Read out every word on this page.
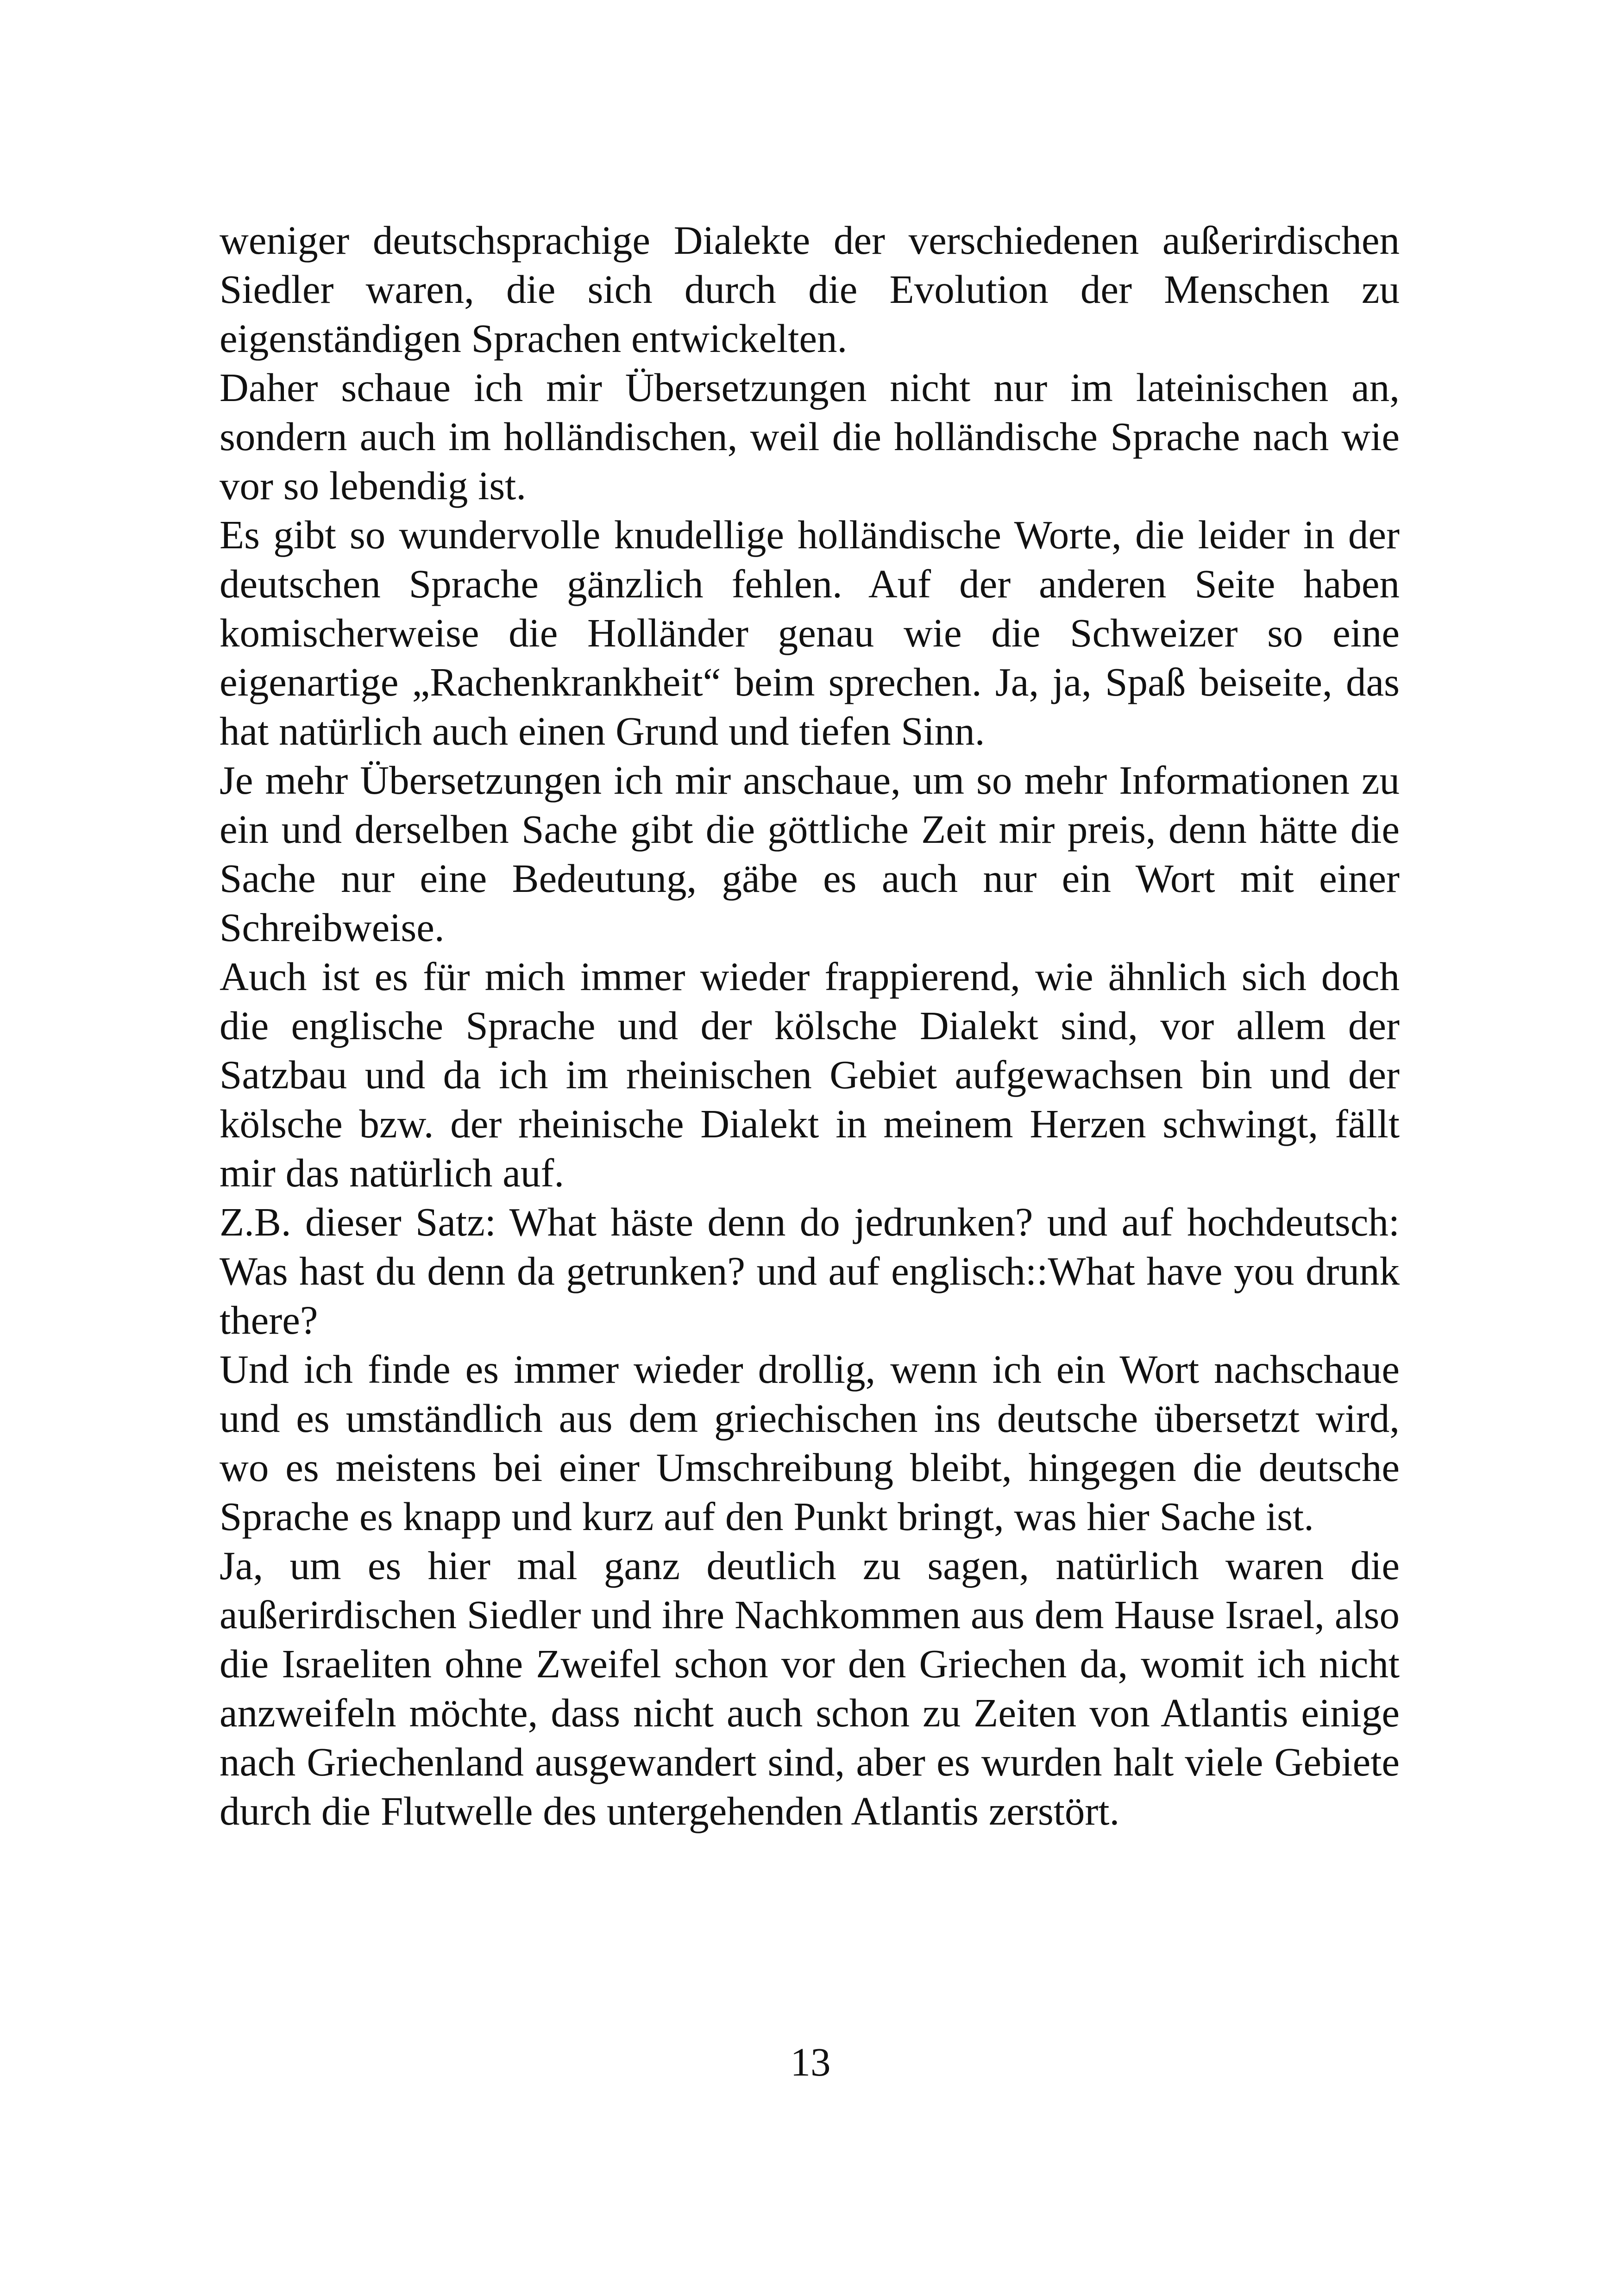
weniger deutschsprachige Dialekte der verschiedenen außerirdischen Siedler waren, die sich durch die Evolution der Menschen zu eigenständigen Sprachen entwickelten.

Daher schaue ich mir Übersetzungen nicht nur im lateinischen an, sondern auch im holländischen, weil die holländische Sprache nach wie vor so lebendig ist.

Es gibt so wundervolle knudellige holländische Worte, die leider in der deutschen Sprache gänzlich fehlen. Auf der anderen Seite haben komischerweise die Holländer genau wie die Schweizer so eine eigenartige „Rachenkrankheit“ beim sprechen. Ja, ja, Spaß beiseite, das hat natürlich auch einen Grund und tiefen Sinn.

Je mehr Übersetzungen ich mir anschaue, um so mehr Informationen zu ein und derselben Sache gibt die göttliche Zeit mir preis, denn hätte die Sache nur eine Bedeutung, gäbe es auch nur ein Wort mit einer Schreibweise.

Auch ist es für mich immer wieder frappierend, wie ähnlich sich doch die englische Sprache und der kölsche Dialekt sind, vor allem der Satzbau und da ich im rheinischen Gebiet aufgewachsen bin und der kölsche bzw. der rheinische Dialekt in meinem Herzen schwingt, fällt mir das natürlich auf.

Z.B. dieser Satz: What häste denn do jedrunken? und auf hochdeutsch: Was hast du denn da getrunken? und auf englisch::What have you drunk there?

Und ich finde es immer wieder drollig, wenn ich ein Wort nachschaue und es umständlich aus dem griechischen ins deutsche übersetzt wird, wo es meistens bei einer Umschreibung bleibt, hingegen die deutsche Sprache es knapp und kurz auf den Punkt bringt, was hier Sache ist.

Ja, um es hier mal ganz deutlich zu sagen, natürlich waren die außerirdischen Siedler und ihre Nachkommen aus dem Hause Israel, also die Israeliten ohne Zweifel schon vor den Griechen da, womit ich nicht anzweifeln möchte, dass nicht auch schon zu Zeiten von Atlantis einige nach Griechenland ausgewandert sind, aber es wurden halt viele Gebiete durch die Flutwelle des untergehenden Atlantis zerstört.

13
